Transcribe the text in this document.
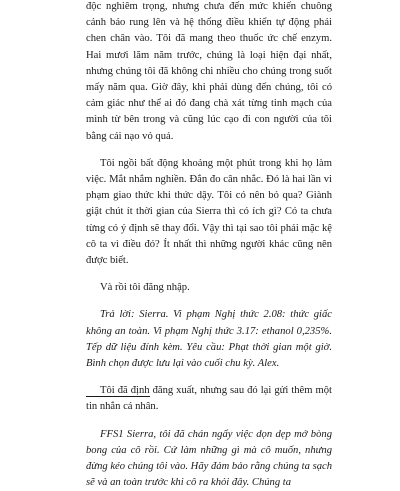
độc nghiêm trọng, nhưng chưa đến mức khiến chuông cảnh báo rung lên và hệ thống điều khiển tự động phải chen chân vào. Tôi đã mang theo thuốc ức chế enzym. Hai mươi lăm năm trước, chúng là loại hiện đại nhất, nhưng chúng tôi đã không chi nhiều cho chúng trong suốt mấy năm qua. Giờ đây, khi phải dùng đến chúng, tôi có cảm giác như thể ai đó đang chà xát từng tinh mạch của mình từ bên trong và cũng lúc cạo đi con người của tôi bằng cái nạo vỏ quả.

Tôi ngồi bất động khoảng một phút trong khi họ làm việc. Mắt nhắm nghiền. Đắn đo cân nhắc. Đó là hai lần vi phạm giao thức khi thức dậy. Tôi có nên bỏ qua? Giành giật chút ít thời gian của Sierra thì có ích gì? Có ta chưa từng có ý định sẽ thay đổi. Vậy thì tại sao tôi phải mặc kệ cô ta vì điều đó? Ít nhất thì những người khác cũng nên được biết.

Và rồi tôi đăng nhập.

Trả lời: Sierra. Vi phạm Nghị thức 2.08: thức giấc không an toàn. Vi phạm Nghị thức 3.17: ethanol 0,235%. Tếp dữ liệu đính kèm. Yêu cầu: Phạt thời gian một giờ. Bình chọn được lưu lại vào cuối chu kỳ. Alex.

Tôi đã định đăng xuất, nhưng sau đó lại gửi thêm một tin nhắn cá nhân.

FFS1 Sierra, tôi đã chán ngấy việc dọn dẹp mớ bòng bong của cô rồi. Cứ làm những gì mà cô muốn, nhưng đừng kéo chúng tôi vào. Hãy đảm bảo rằng chúng ta sạch sẽ và an toàn trước khi cô ra khỏi đây. Chúng ta
